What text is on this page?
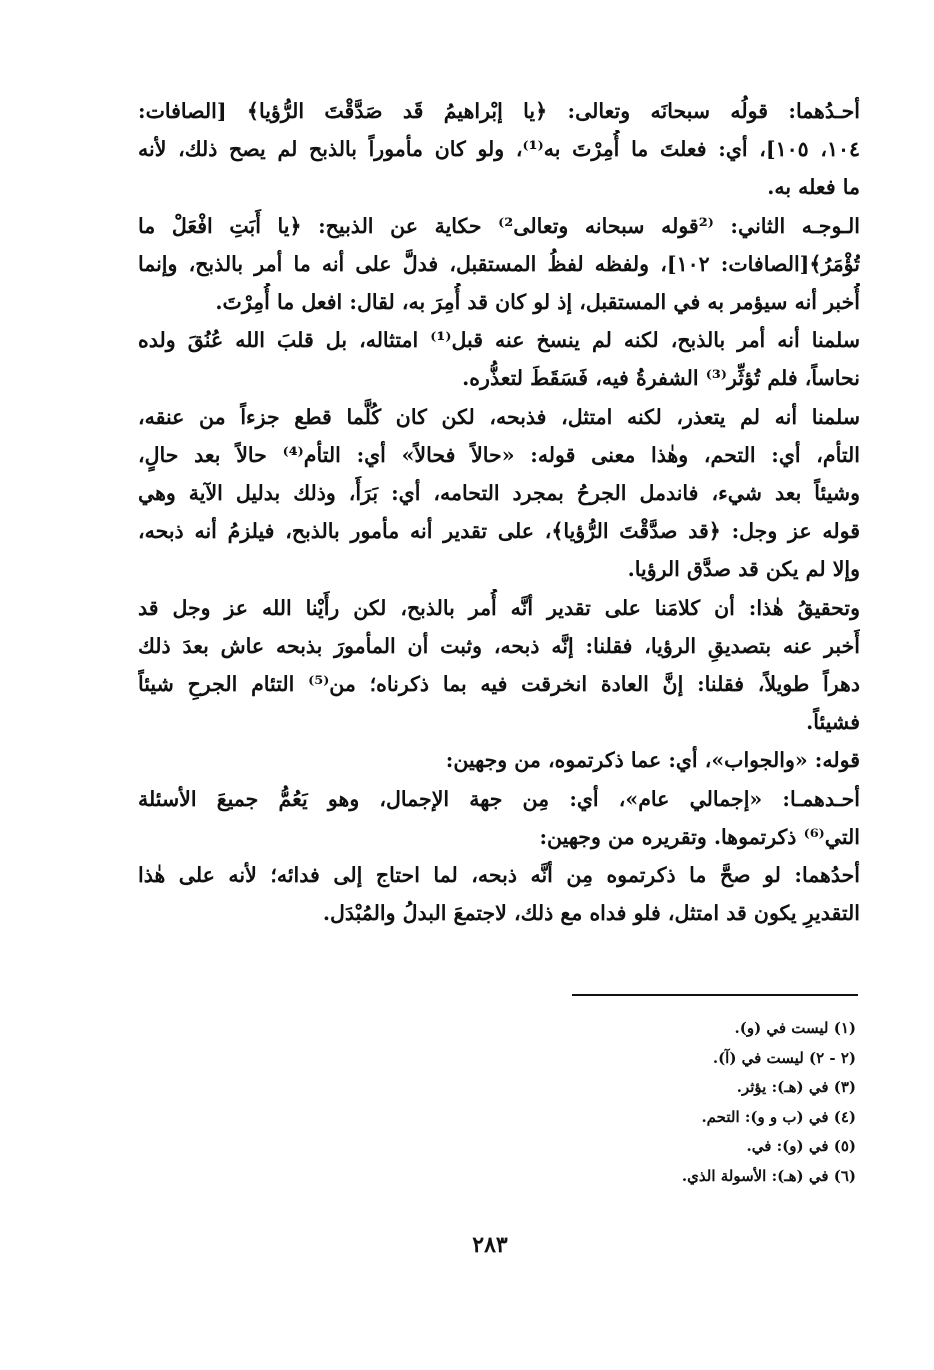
أحـدُهما: قولُه سبحانَه وتعالى: ﴿يا إبْراهيمُ قَد صَدَّقْتَ الرُّؤيا﴾ [الصافات:
١٠٤، ١٠٥]، أي: فعلتَ ما أُمِرْتَ به⁽¹⁾، ولو كان مأموراً بالذبح لم يصح ذلك، لأنه
ما فعله به.
الـوجـه الثاني: ⁽²قوله سبحانه وتعالى²⁾ حكاية عن الذبيح: ﴿يا أَبَتِ افْعَلْ ما
تُؤْمَرُ﴾[الصافات: ١٠٢]، ولفظه لفظُ المستقبل، فدلَّ على أنه ما أمر بالذبح، وإنما
أُخبر أنه سيؤمر به في المستقبل، إذ لو كان قد أُمِرَ به، لقال: افعل ما أُمِرْتَ.
سلمنا أنه أمر بالذبح، لكنه لم ينسخ عنه قبل⁽¹⁾ امتثاله، بل قلبَ الله عُنُقَ ولده
نحاساً، فلم تُؤثِّر⁽³⁾ الشفرةُ فيه، فَسَقَطَ لتعذُّره.
سلمنا أنه لم يتعذر، لكنه امتثل، فذبحه، لكن كان كُلَّما قطع جزءاً من عنقه،
التأم، أي: التحم، وهٰذا معنى قوله: «حالاً فحالاً» أي: التأم⁽⁴⁾ حالاً بعد حالٍ،
وشيئاً بعد شيء، فاندمل الجرحُ بمجرد التحامه، أي: بَرَأَ، وذلك بدليل الآية وهي
قوله عز وجل: ﴿قد صدَّقْتَ الرُّؤيا﴾، على تقدير أنه مأمور بالذبح، فيلزمُ أنه ذبحه،
وإلا لم يكن قد صدَّق الرؤيا.
وتحقيقُ هٰذا: أن كلامَنا على تقدير أنَّه أُمر بالذبح، لكن رأَيْنا الله عز وجل قد
أَخبر عنه بتصديقِ الرؤيا، فقلنا: إنَّه ذبحه، وثبت أن المأمورَ بذبحه عاش بعدَ ذلك
دهراً طويلاً، فقلنا: إنَّ العادة انخرقت فيه بما ذكرناه؛ من⁽⁵⁾ التئام الجرحِ شيئاً
فشيئاً.
قوله: «والجواب»، أي: عما ذكرتموه، من وجهين:
أحـدهمـا: «إجمالي عام»، أي: مِن جهة الإجمال، وهو يَعُمُّ جميعَ الأسئلة
التي⁽⁶⁾ ذكرتموها. وتقريره من وجهين:
أحدُهما: لو صحَّ ما ذكرتموه مِن أنَّه ذبحه، لما احتاج إلى فدائه؛ لأنه على هٰذا
التقديرِ يكون قد امتثل، فلو فداه مع ذلك، لاجتمعَ البدلُ والمُبْدَل.
(١) ليست في (و).
(٢ - ٢) ليست في (آ).
(٣) في (هـ): يؤثر.
(٤) في (ب و و): التحم.
(٥) في (و): في.
(٦) في (هـ): الأسولة الذي.
٢٨٣
